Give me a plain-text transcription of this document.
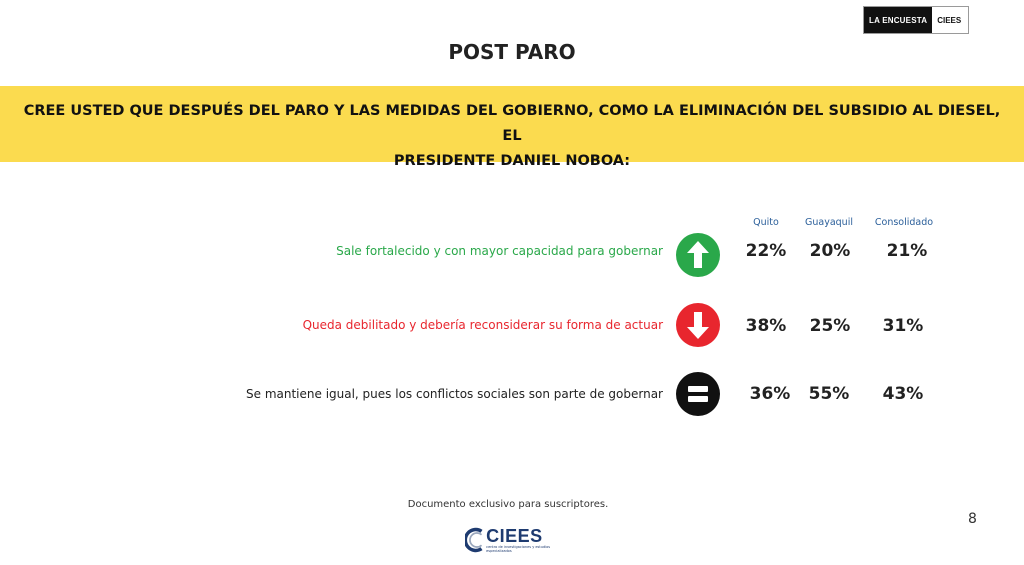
LA ENCUESTA	CIEES
POST PARO
CREE USTED QUE DESPUÉS DEL PARO Y LAS MEDIDAS DEL GOBIERNO, COMO LA ELIMINACIÓN DEL SUBSIDIO AL DIESEL, EL
PRESIDENTE DANIEL NOBOA:
Quito	Guayaquil	Consolidado
Sale fortalecido y con mayor capacidad para gobernar	22%	20%	21%
Queda debilitado y debería reconsiderar su forma de actuar	38%	25%	31%
Se mantiene igual, pues los conflictos sociales son parte de gobernar	36%	55%	43%
Documento exclusivo para suscriptores.
CIEES
centro de investigaciones y estudios especializados
8
